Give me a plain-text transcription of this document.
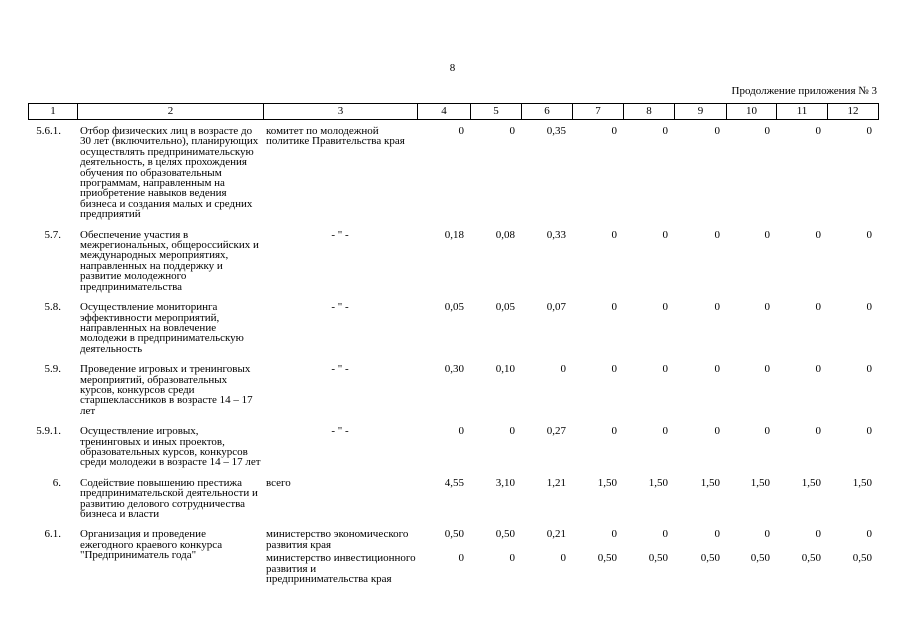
8
Продолжение приложения № 3
1	2	3	4	5	6	7	8	9	10	11	12
5.6.1.	Отбор физических лиц в возрасте до 30 лет (включительно), планирующих осуществлять предпринимательскую деятельность, в целях прохождения обучения по образовательным программам, направленным на приобретение навыков ведения бизнеса и создания малых и средних предприятий	комитет по молодежной политике Правительства края	0	0	0,35	0	0	0	0	0	0
5.7.	Обеспечение участия в межрегиональных, общероссийских и международных мероприятиях, направленных на поддержку и развитие молодежного предпринимательства	- " -	0,18	0,08	0,33	0	0	0	0	0	0
5.8.	Осуществление мониторинга эффективности мероприятий, направленных на вовлечение молодежи в предпринимательскую деятельность	- " -	0,05	0,05	0,07	0	0	0	0	0	0
5.9.	Проведение игровых и тренинговых мероприятий, образовательных курсов, конкурсов среди старшеклассников в возрасте 14 – 17 лет	- " -	0,30	0,10	0	0	0	0	0	0	0
5.9.1.	Осуществление игровых, тренинговых и иных проектов, образовательных курсов, конкурсов среди молодежи в возрасте 14 – 17 лет	- " -	0	0	0,27	0	0	0	0	0	0
6.	Содействие повышению престижа предпринимательской деятельности и развитию делового сотрудничества бизнеса и власти	всего	4,55	3,10	1,21	1,50	1,50	1,50	1,50	1,50	1,50
6.1.	Организация и проведение ежегодного краевого конкурса "Предприниматель года"	министерство экономического развития края	0,50	0,50	0,21	0	0	0	0	0	0
		министерство инвестиционного развития и предпринимательства края	0	0	0	0,50	0,50	0,50	0,50	0,50	0,50
